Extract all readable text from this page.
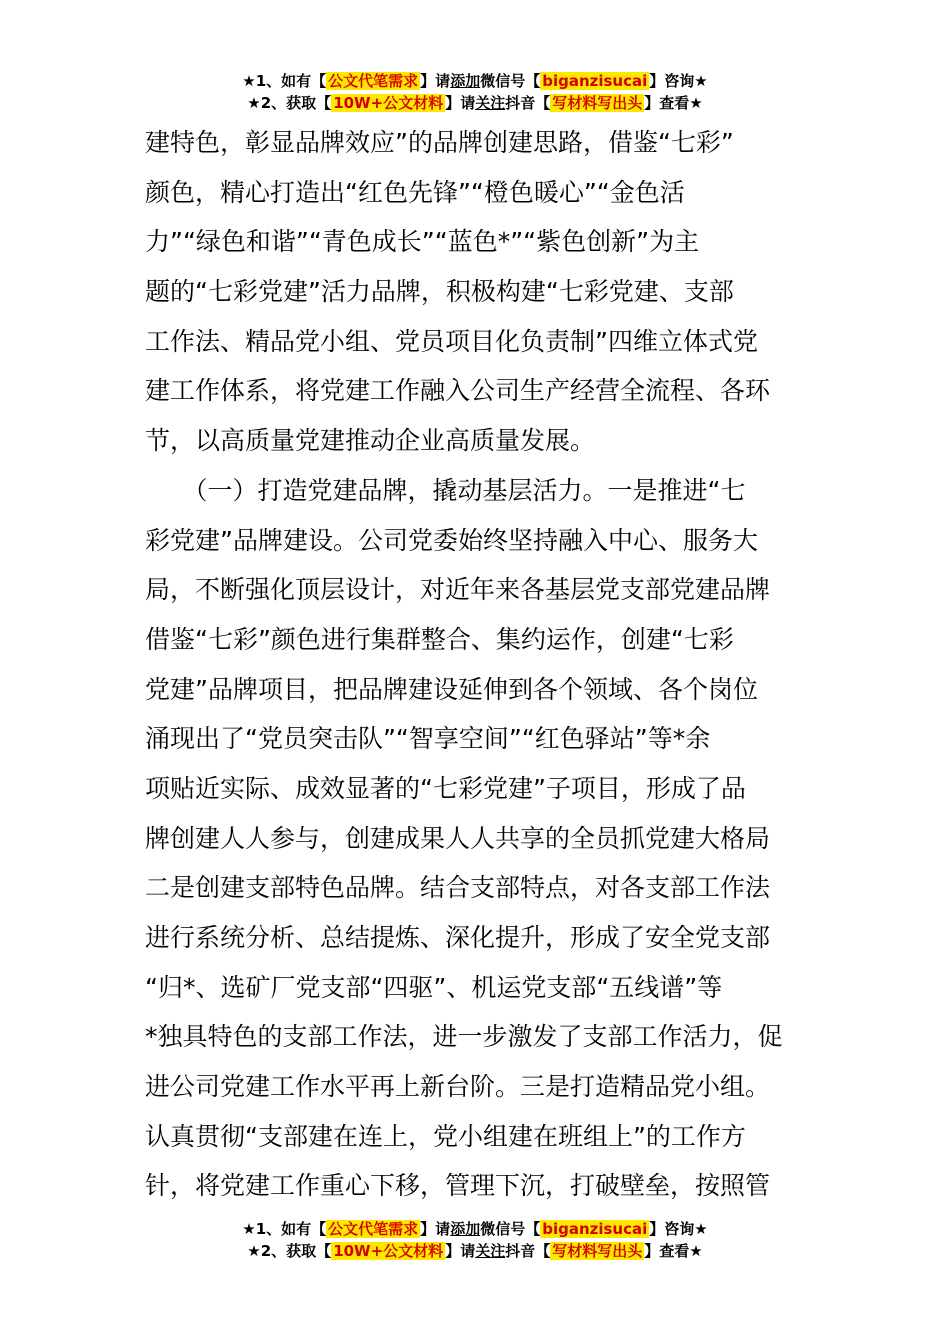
★1、如有【 公文代笔需求 】请添加微信号【 biganzisucai 】咨询★
★2、获取【 10W+公文材料 】请关注抖音【 写材料写出头 】查看★
建特色，彰显品牌效应”的品牌创建思路，借鉴“七彩”
颜色，精心打造出“红色先锋”“橙色暖心”“金色活
力”“绿色和谐”“青色成长”“蓝色*”“紫色创新”为主
题的“七彩党建”活力品牌，积极构建“七彩党建、支部
工作法、精品党小组、党员项目化负责制”四维立体式党
建工作体系，将党建工作融入公司生产经营全流程、各环
节，以高质量党建推动企业高质量发展。
　　（一）打造党建品牌，撬动基层活力。一是推进“七
彩党建”品牌建设。公司党委始终坚持融入中心、服务大
局，不断强化顶层设计，对近年来各基层党支部党建品牌
借鉴“七彩”颜色进行集群整合、集约运作，创建“七彩
党建”品牌项目，把品牌建设延伸到各个领域、各个岗位
涌现出了“党员突击队”“智享空间”“红色驿站”等*余
项贴近实际、成效显著的“七彩党建”子项目，形成了品
牌创建人人参与，创建成果人人共享的全员抓党建大格局
二是创建支部特色品牌。结合支部特点，对各支部工作法
进行系统分析、总结提炼、深化提升，形成了安全党支部
“归*、选矿厂党支部“四驱”、机运党支部“五线谱”等
*独具特色的支部工作法，进一步激发了支部工作活力，促
进公司党建工作水平再上新台阶。三是打造精品党小组。
认真贯彻“支部建在连上，党小组建在班组上”的工作方
针，将党建工作重心下移，管理下沉，打破壁垒，按照管
★1、如有【 公文代笔需求 】请添加微信号【 biganzisucai 】咨询★
★2、获取【 10W+公文材料 】请关注抖音【 写材料写出头 】查看★
